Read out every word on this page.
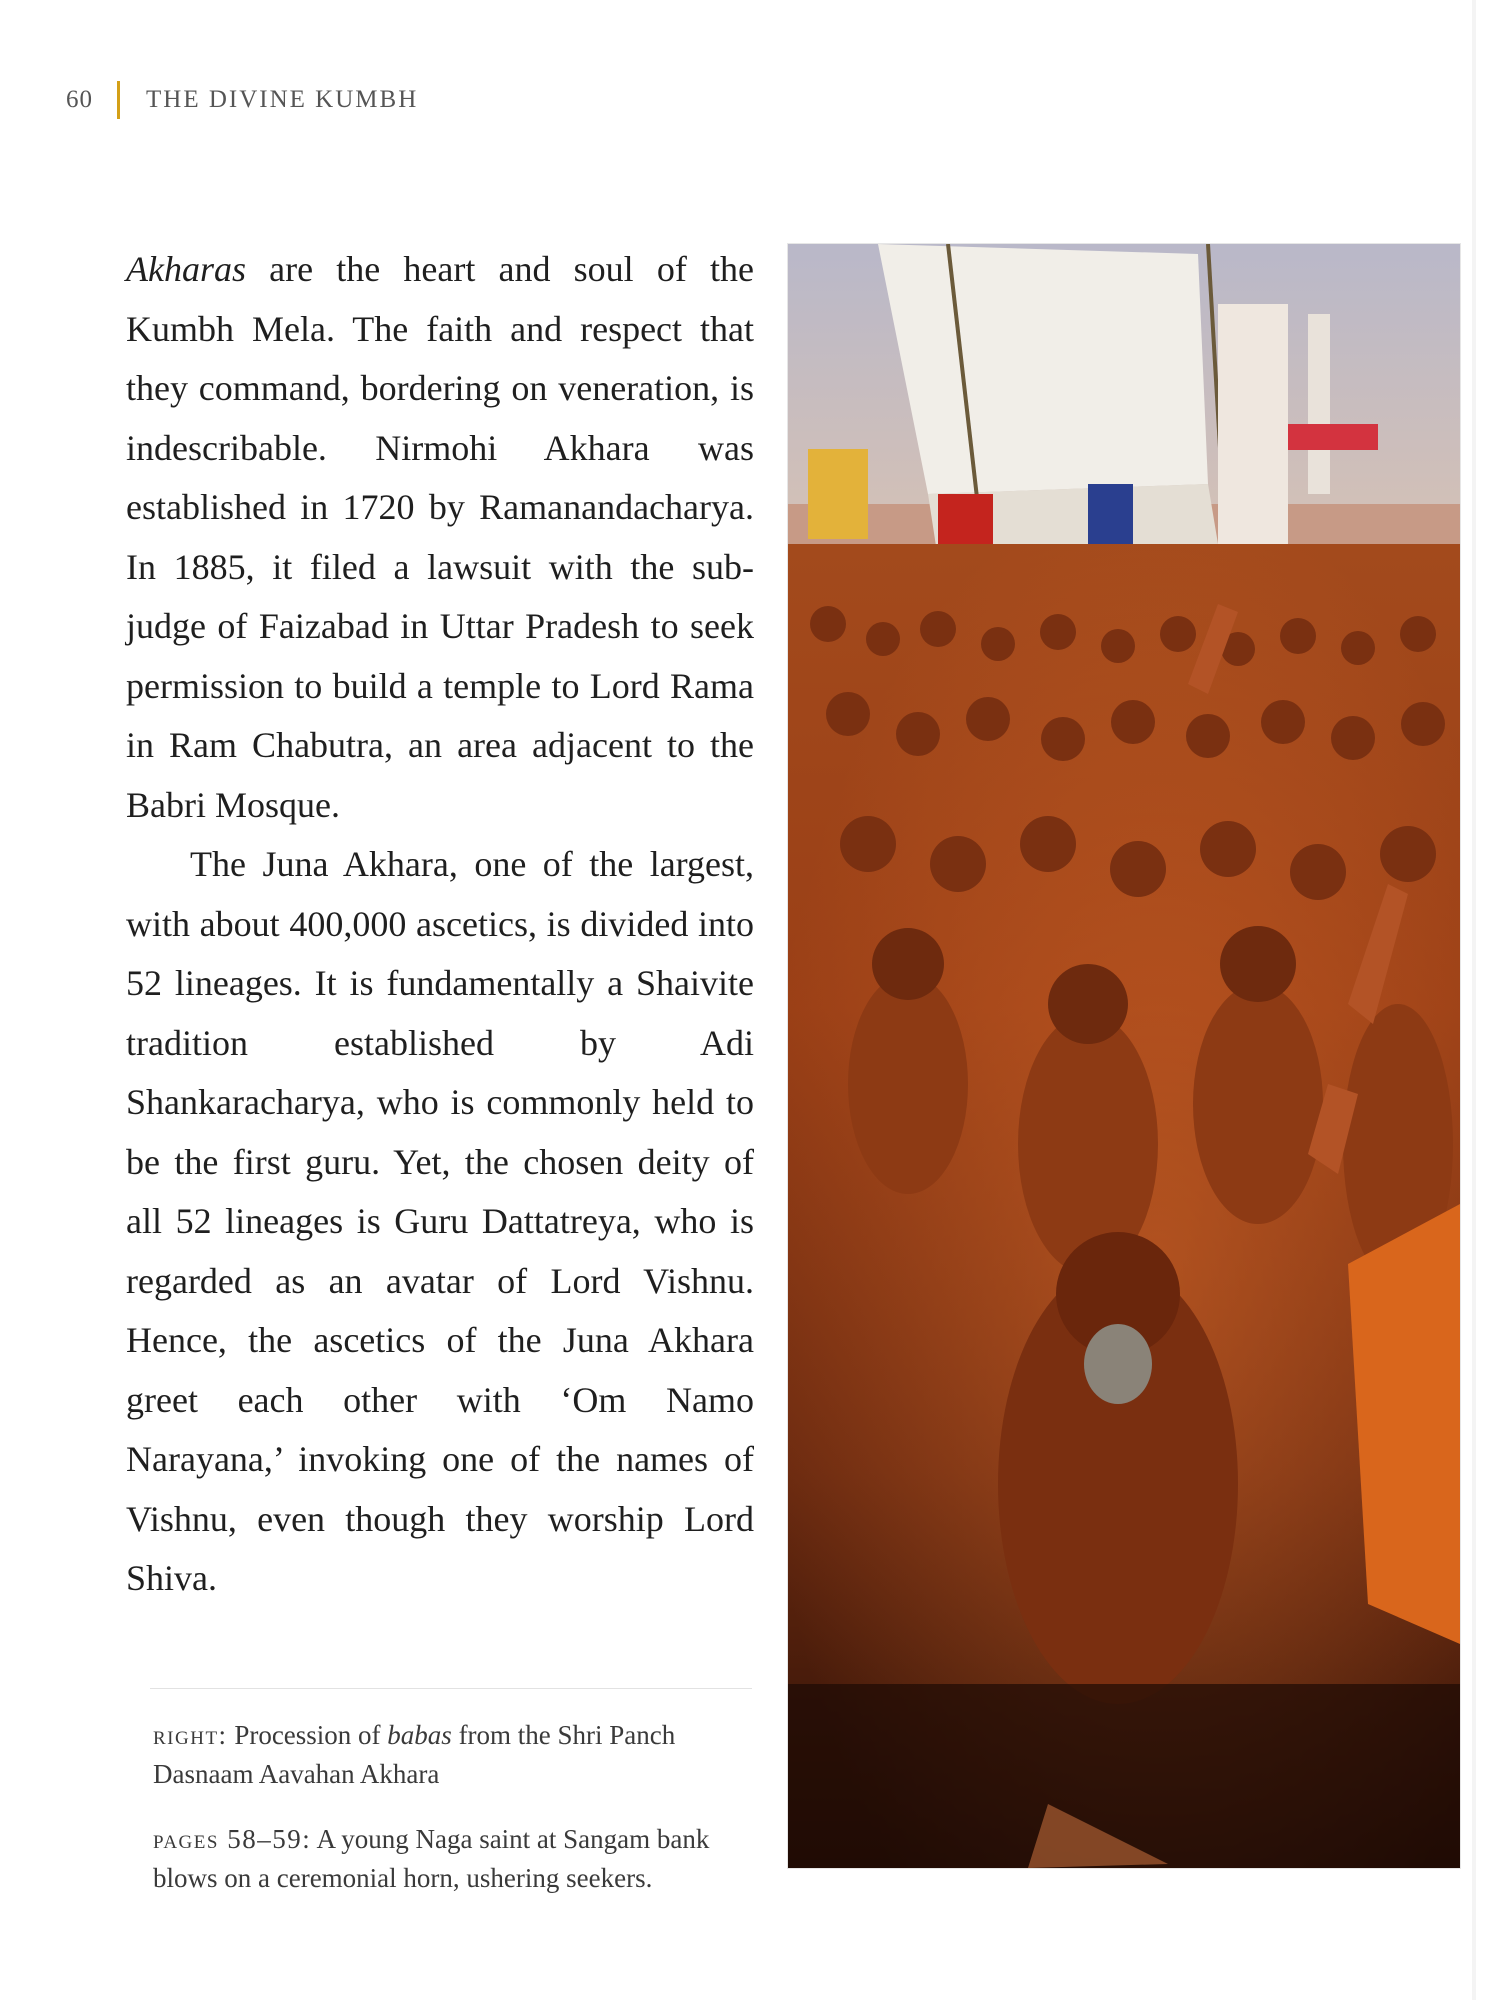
60 THE DIVINE KUMBH

Akharas are the heart and soul of the Kumbh Mela. The faith and respect that they command, bordering on veneration, is indescribable. Nirmohi Akhara was established in 1720 by Ramanandacharya. In 1885, it filed a lawsuit with the sub-judge of Faizabad in Uttar Pradesh to seek permission to build a temple to Lord Rama in Ram Chabutra, an area adjacent to the Babri Mosque.

The Juna Akhara, one of the largest, with about 400,000 ascetics, is divided into 52 lineages. It is fundamentally a Shaivite tradition established by Adi Shankaracharya, who is commonly held to be the first guru. Yet, the chosen deity of all 52 lineages is Guru Dattatreya, who is regarded as an avatar of Lord Vishnu. Hence, the ascetics of the Juna Akhara greet each other with ‘Om Namo Narayana,’ invoking one of the names of Vishnu, even though they worship Lord Shiva.

right: Procession of babas from the Shri Panch Dasnaam Aavahan Akhara

pages 58–59: A young Naga saint at Sangam bank blows on a ceremonial horn, ushering seekers.
